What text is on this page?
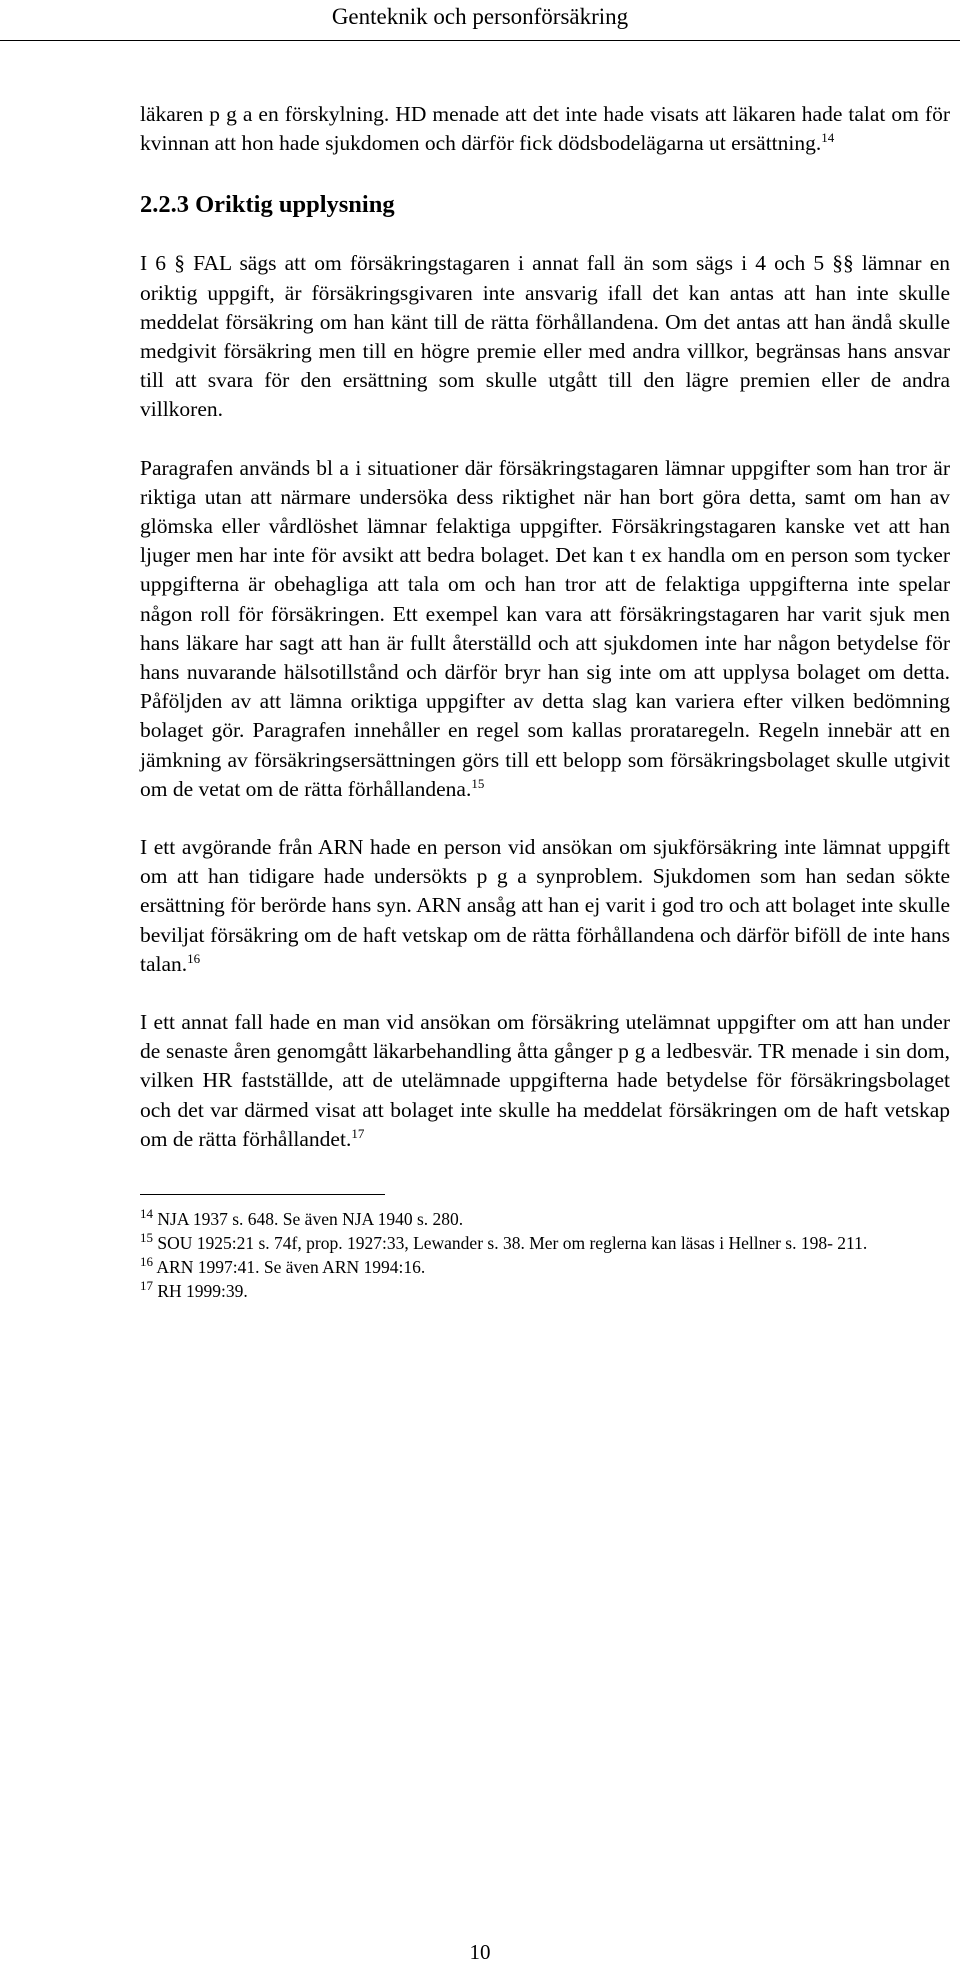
Genteknik och personförsäkring

läkaren p g a en förskylning. HD menade att det inte hade visats att läkaren hade talat om för kvinnan att hon hade sjukdomen och därför fick dödsbodelägarna ut ersättning.$^{14}$

2.2.3 Oriktig upplysning

I 6 § FAL sägs att om försäkringstagaren i annat fall än som sägs i 4 och 5 §§ lämnar en oriktig uppgift, är försäkringsgivaren inte ansvarig ifall det kan antas att han inte skulle meddelat försäkring om han känt till de rätta förhållandena. Om det antas att han ändå skulle medgivit försäkring men till en högre premie eller med andra villkor, begränsas hans ansvar till att svara för den ersättning som skulle utgått till den lägre premien eller de andra villkoren.

Paragrafen används bl a i situationer där försäkringstagaren lämnar uppgifter som han tror är riktiga utan att närmare undersöka dess riktighet när han bort göra detta, samt om han av glömska eller vårdlöshet lämnar felaktiga uppgifter. Försäkringstagaren kanske vet att han ljuger men har inte för avsikt att bedra bolaget. Det kan t ex handla om en person som tycker uppgifterna är obehagliga att tala om och han tror att de felaktiga uppgifterna inte spelar någon roll för försäkringen. Ett exempel kan vara att försäkringstagaren har varit sjuk men hans läkare har sagt att han är fullt återställd och att sjukdomen inte har någon betydelse för hans nuvarande hälsotillstånd och därför bryr han sig inte om att upplysa bolaget om detta. Påföljden av att lämna oriktiga uppgifter av detta slag kan variera efter vilken bedömning bolaget gör. Paragrafen innehåller en regel som kallas prorataregeln. Regeln innebär att en jämkning av försäkringsersättningen görs till ett belopp som försäkringsbolaget skulle utgivit om de vetat om de rätta förhållandena.$^{15}$

I ett avgörande från ARN hade en person vid ansökan om sjukförsäkring inte lämnat uppgift om att han tidigare hade undersökts p g a synproblem. Sjukdomen som han sedan sökte ersättning för berörde hans syn. ARN ansåg att han ej varit i god tro och att bolaget inte skulle beviljat försäkring om de haft vetskap om de rätta förhållandena och därför biföll de inte hans talan.$^{16}$

I ett annat fall hade en man vid ansökan om försäkring utelämnat uppgifter om att han under de senaste åren genomgått läkarbehandling åtta gånger p g a ledbesvär. TR menade i sin dom, vilken HR fastställde, att de utelämnade uppgifterna hade betydelse för försäkringsbolaget och det var därmed visat att bolaget inte skulle ha meddelat försäkringen om de haft vetskap om de rätta förhållandet.$^{17}$

$^{14}$ NJA 1937 s. 648. Se även NJA 1940 s. 280.

$^{15}$ SOU 1925:21 s. 74f, prop. 1927:33, Lewander s. 38. Mer om reglerna kan läsas i Hellner s. 198- 211.

$^{16}$ ARN 1997:41. Se även ARN 1994:16.

$^{17}$ RH 1999:39.

10
